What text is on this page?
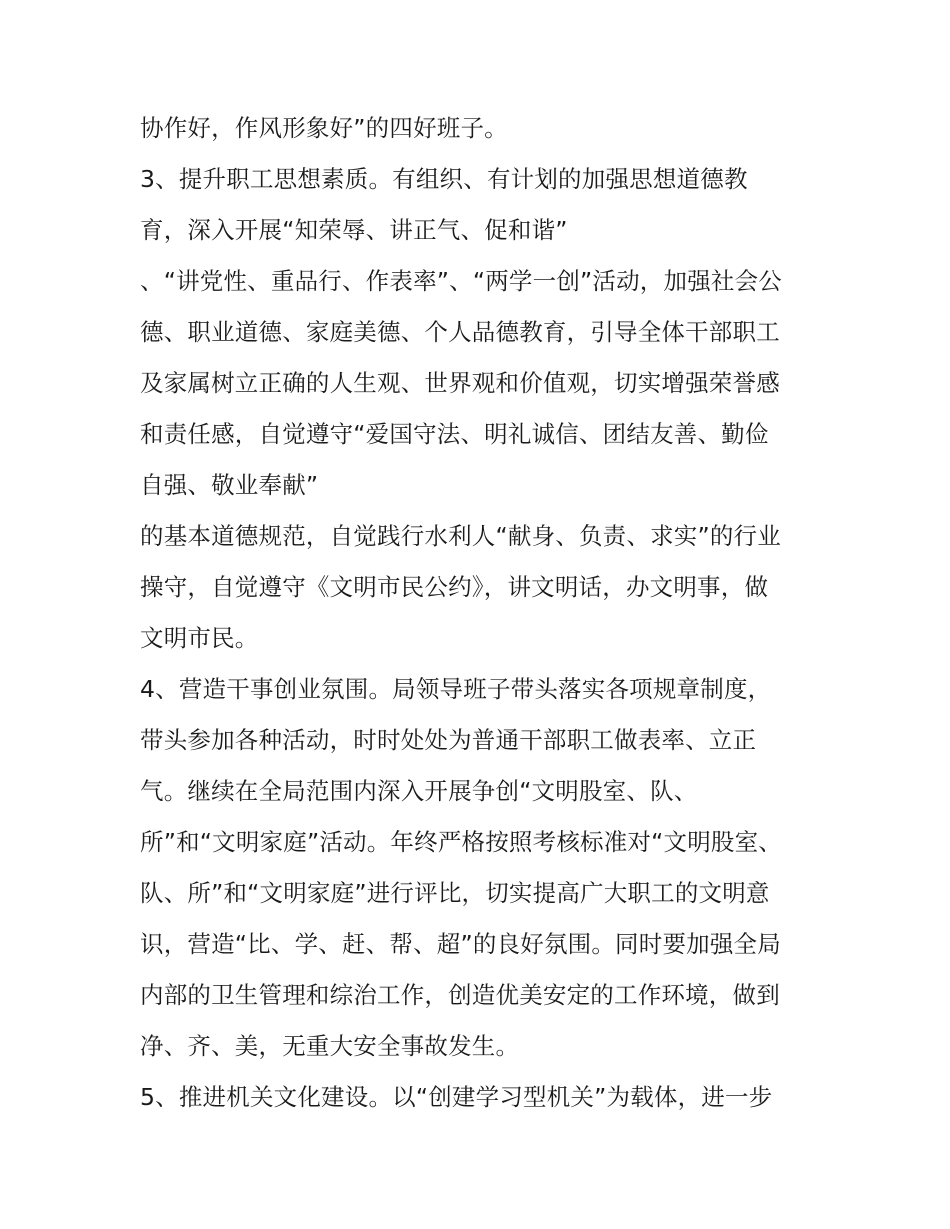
协作好，作风形象好”的四好班子。
3、提升职工思想素质。有组织、有计划的加强思想道德教
育，深入开展“知荣辱、讲正气、促和谐”
、“讲党性、重品行、作表率”、“两学一创”活动，加强社会公
德、职业道德、家庭美德、个人品德教育，引导全体干部职工
及家属树立正确的人生观、世界观和价值观，切实增强荣誉感
和责任感，自觉遵守“爱国守法、明礼诚信、团结友善、勤俭
自强、敬业奉献”
的基本道德规范，自觉践行水利人“献身、负责、求实”的行业
操守，自觉遵守《文明市民公约》，讲文明话，办文明事，做
文明市民。
4、营造干事创业氛围。局领导班子带头落实各项规章制度，
带头参加各种活动，时时处处为普通干部职工做表率、立正
气。继续在全局范围内深入开展争创“文明股室、队、
所”和“文明家庭”活动。年终严格按照考核标准对“文明股室、
队、所”和“文明家庭”进行评比，切实提高广大职工的文明意
识，营造“比、学、赶、帮、超”的良好氛围。同时要加强全局
内部的卫生管理和综治工作，创造优美安定的工作环境，做到
净、齐、美，无重大安全事故发生。
5、推进机关文化建设。以“创建学习型机关”为载体，进一步
